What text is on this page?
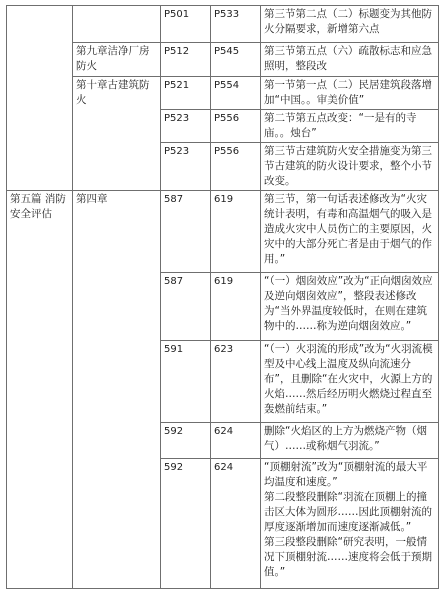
		P501	P533	第三节第二点（二）标题变为其他防火分隔要求，新增第六点

	第九章洁净厂房防火	P512	P545	第三节第五点（六）疏散标志和应急照明，整段改

	第十章古建筑防火	P521	P554	第一节第一点（二）民居建筑段落增加“中国。。审美价值”

		P523	P556	第二节第五点改变：“一是有的寺庙。。烛台”

		P523	P556	第三节古建筑防火安全措施变为第三节古建筑的防火设计要求，整个小节改变。

第五篇 消防安全评估	第四章	587	619	第三节，第一句话表述修改为“火灾统计表明，有毒和高温烟气的吸入是造成火灾中人员伤亡的主要原因，火灾中的大部分死亡者是由于烟气的作用。”

		587	619	“（一）烟囱效应”改为“正向烟囱效应及逆向烟囱效应”，整段表述修改为“当外界温度较低时，在则在建筑物中的……称为逆向烟囱效应。”

		591	623	“（一）火羽流的形成”改为“火羽流模型及中心线上温度及纵向流速分布”，且删除“在火灾中，火源上方的火焰……然后经历明火燃烧过程直至轰燃前结束。”

		592	624	删除“火焰区的上方为燃烧产物（烟气）……或称烟气羽流。”

		592	624	“顶棚射流”改为“顶棚射流的最大平均温度和速度。”

第二段整段删除“羽流在顶棚上的撞击区大体为圆形……因此顶棚射流的厚度逐渐增加而速度逐渐减低。”

第三段整段删除“研究表明，一般情况下顶棚射流……速度将会低于预期值。”
